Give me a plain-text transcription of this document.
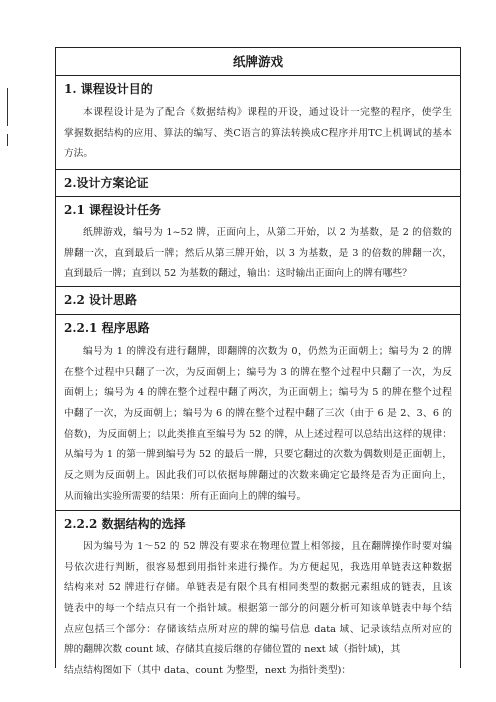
纸牌游戏
1. 课程设计目的
本课程设计是为了配合《数据结构》课程的开设，通过设计一完整的程序，使学生
掌握数据结构的应用、算法的编写、类C语言的算法转换成C程序并用TC上机调试的基本
方法。
2.设计方案论证
2.1 课程设计任务
纸牌游戏，编号为 1~52 牌，正面向上，从第二开始，以 2 为基数，是 2 的倍数的
牌翻一次，直到最后一牌；然后从第三牌开始，以 3 为基数，是 3 的倍数的牌翻一次，
直到最后一牌；直到以 52 为基数的翻过，输出：这时输出正面向上的牌有哪些？
2.2 设计思路
2.2.1 程序思路
编号为 1 的牌没有进行翻牌，即翻牌的次数为 0，仍然为正面朝上；编号为 2 的牌
在整个过程中只翻了一次，为反面朝上；编号为 3 的牌在整个过程中只翻了一次，为反
面朝上；编号为 4 的牌在整个过程中翻了两次，为正面朝上；编号为 5 的牌在整个过程
中翻了一次，为反面朝上；编号为 6 的牌在整个过程中翻了三次（由于 6 是 2、3、6 的
倍数)，为反面朝上；以此类推直至编号为 52 的牌，从上述过程可以总结出这样的规律：
从编号为 1 的第一牌到编号为 52 的最后一牌，只要它翻过的次数为偶数则是正面朝上，
反之则为反面朝上。因此我们可以依据每牌翻过的次数来确定它最终是否为正面向上，
从而输出实验所需要的结果：所有正面向上的牌的编号。
2.2.2 数据结构的选择
因为编号为 1～52 的 52 牌没有要求在物理位置上相邻接，且在翻牌操作时要对编
号依次进行判断，很容易想到用指针来进行操作。为方便起见，我选用单链表这种数据
结构来对 52 牌进行存储。单链表是有限个具有相同类型的数据元素组成的链表，且该
链表中的每一个结点只有一个指针域。根据第一部分的问题分析可知该单链表中每个结
点应包括三个部分：存储该结点所对应的牌的编号信息 data 域、记录该结点所对应的
牌的翻牌次数 count 域、存储其直接后继的存储位置的 next 域（指针域)，其
结点结构图如下（其中 data、count 为整型，next 为指针类型)：
